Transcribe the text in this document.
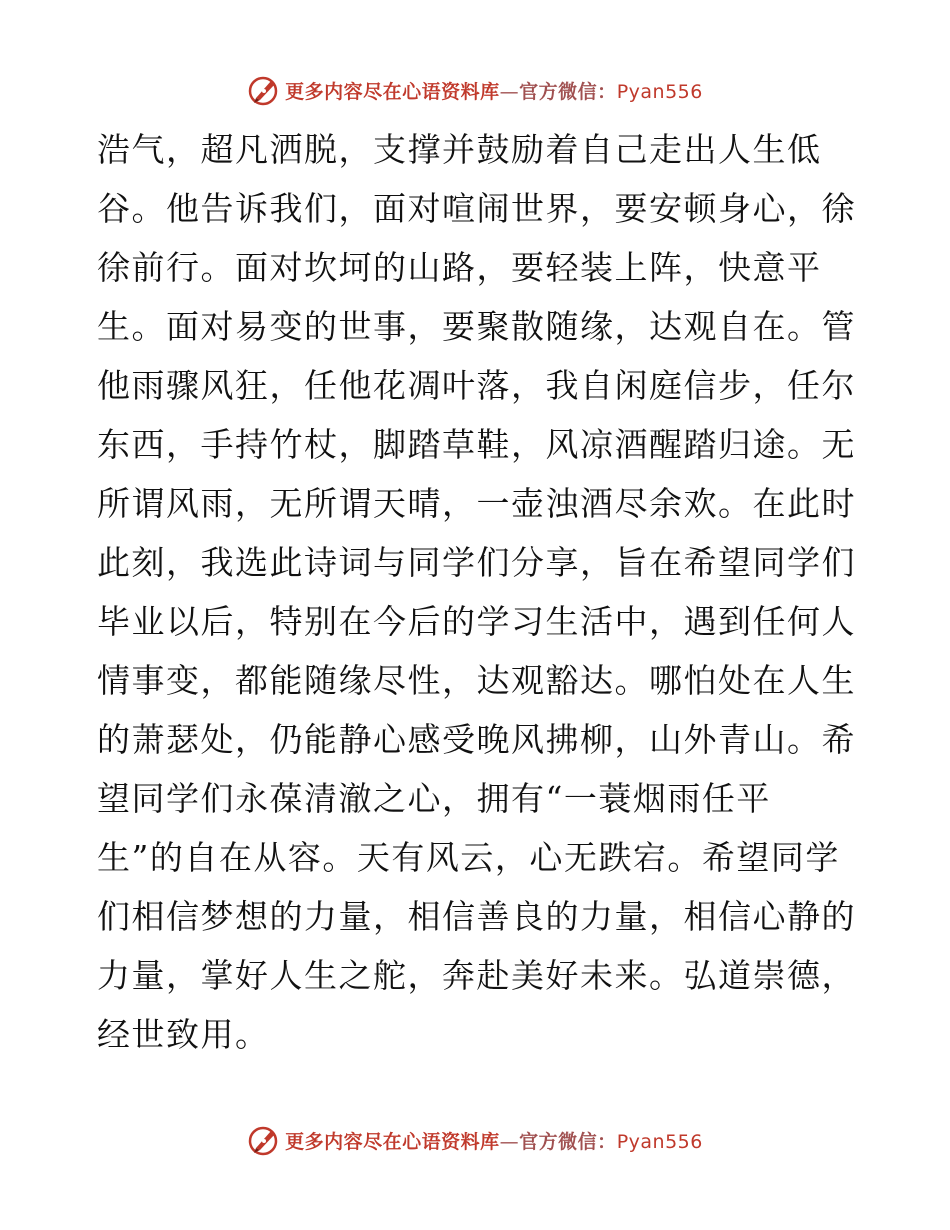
更多内容尽在心语资料库—官方微信：Pyan556
浩气，超凡洒脱，支撑并鼓励着自己走出人生低
谷。他告诉我们，面对喧闹世界，要安顿身心，徐
徐前行。面对坎坷的山路，要轻装上阵，快意平
生。面对易变的世事，要聚散随缘，达观自在。管
他雨骤风狂，任他花凋叶落，我自闲庭信步，任尔
东西，手持竹杖，脚踏草鞋，风凉酒醒踏归途。无
所谓风雨，无所谓天晴，一壶浊酒尽余欢。在此时
此刻，我选此诗词与同学们分享，旨在希望同学们
毕业以后，特别在今后的学习生活中，遇到任何人
情事变，都能随缘尽性，达观豁达。哪怕处在人生
的萧瑟处，仍能静心感受晚风拂柳，山外青山。希
望同学们永葆清澈之心，拥有“一蓑烟雨任平
生”的自在从容。天有风云，心无跌宕。希望同学
们相信梦想的力量，相信善良的力量，相信心静的
力量，掌好人生之舵，奔赴美好未来。弘道崇德，
经世致用。
更多内容尽在心语资料库—官方微信：Pyan556
